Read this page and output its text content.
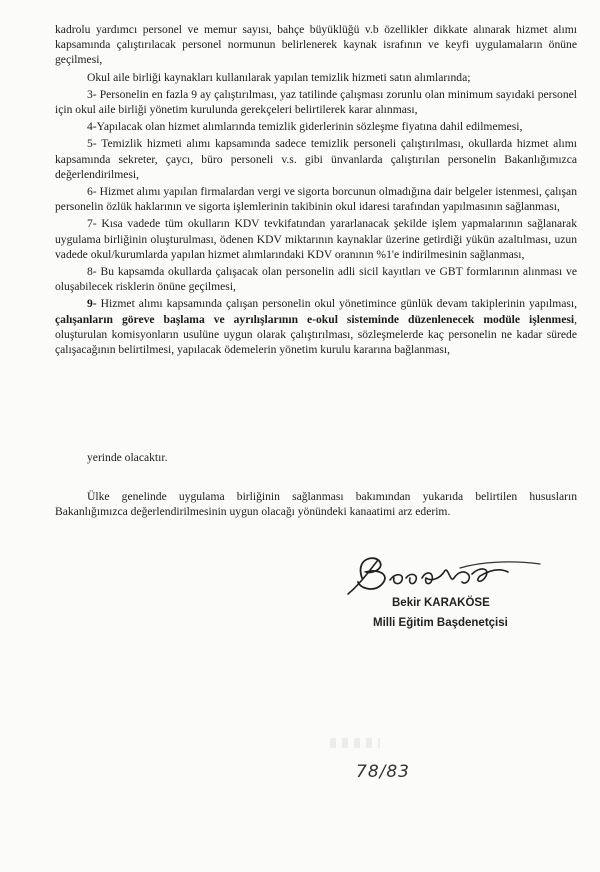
kadrolu yardımcı personel ve memur sayısı, bahçe büyüklüğü v.b özellikler dikkate alınarak hizmet alımı kapsamında çalıştırılacak personel normunun belirlenerek kaynak israfının ve keyfi uygulamaların önüne geçilmesi,

Okul aile birliği kaynakları kullanılarak yapılan temizlik hizmeti satın alımlarında;

3- Personelin en fazla 9 ay çalıştırılması, yaz tatilinde çalışması zorunlu olan minimum sayıdaki personel için okul aile birliği yönetim kurulunda gerekçeleri belirtilerek karar alınması,

4-Yapılacak olan hizmet alımlarında temizlik giderlerinin sözleşme fiyatına dahil edilmemesi,

5- Temizlik hizmeti alımı kapsamında sadece temizlik personeli çalıştırılması, okullarda hizmet alımı kapsamında sekreter, çaycı, büro personeli v.s. gibi ünvanlarda çalıştırılan personelin Bakanlığımızca değerlendirilmesi,

6- Hizmet alımı yapılan firmalardan vergi ve sigorta borcunun olmadığına dair belgeler istenmesi, çalışan personelin özlük haklarının ve sigorta işlemlerinin takibinin okul idaresi tarafından yapılmasının sağlanması,

7- Kısa vadede tüm okulların KDV tevkifatından yararlanacak şekilde işlem yapmalarının sağlanarak uygulama birliğinin oluşturulması, ödenen KDV miktarının kaynaklar üzerine getirdiği yükün azaltılması, uzun vadede okul/kurumlarda yapılan hizmet alımlarındaki KDV oranının %1'e indirilmesinin sağlanması,

8- Bu kapsamda okullarda çalışacak olan personelin adli sicil kayıtları ve GBT formlarının alınması ve oluşabilecek risklerin önüne geçilmesi,

9- Hizmet alımı kapsamında çalışan personelin okul yönetimince günlük devam takiplerinin yapılması, çalışanların göreve başlama ve ayrılışlarının e-okul sisteminde düzenlenecek modüle işlenmesi, oluşturulan komisyonların usulüne uygun olarak çalıştırılması, sözleşmelerde kaç personelin ne kadar sürede çalışacağının belirtilmesi, yapılacak ödemelerin yönetim kurulu kararına bağlanması,

yerinde olacaktır.
Ülke genelinde uygulama birliğinin sağlanması bakımından yukarıda belirtilen hususların Bakanlığımızca değerlendirilmesinin uygun olacağı yönündeki kanaatimi arz ederim.
Bekir KARAKÖSE
Milli Eğitim Başdenetçisi
78/83
